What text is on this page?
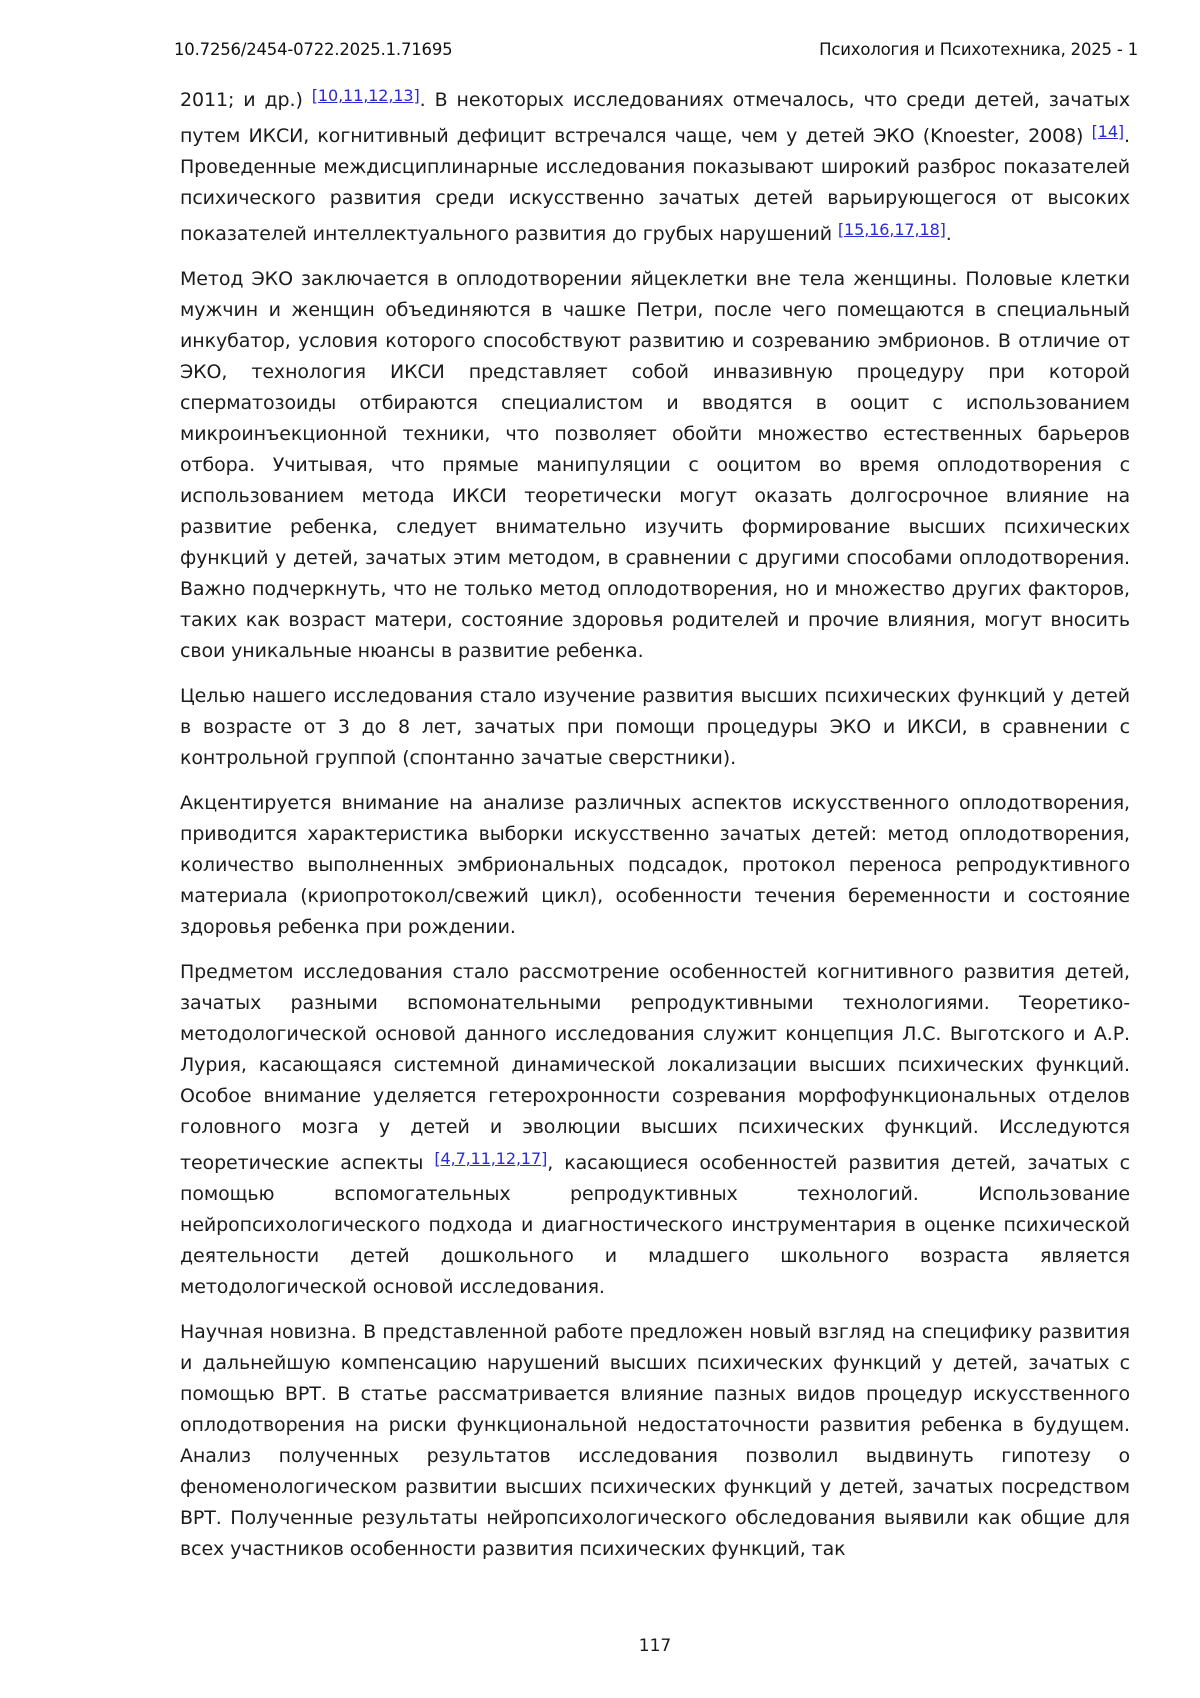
10.7256/2454-0722.2025.1.71695	Психология и Психотехника, 2025 - 1

2011; и др.) [10,11,12,13]. В некоторых исследованиях отмечалось, что среди детей, зачатых путем ИКСИ, когнитивный дефицит встречался чаще, чем у детей ЭКО (Knoester, 2008) [14]. Проведенные междисциплинарные исследования показывают широкий разброс показателей психического развития среди искусственно зачатых детей варьирующегося от высоких показателей интеллектуального развития до грубых нарушений [15,16,17,18].

Метод ЭКО заключается в оплодотворении яйцеклетки вне тела женщины. Половые клетки мужчин и женщин объединяются в чашке Петри, после чего помещаются в специальный инкубатор, условия которого способствуют развитию и созреванию эмбрионов. В отличие от ЭКО, технология ИКСИ представляет собой инвазивную процедуру при которой сперматозоиды отбираются специалистом и вводятся в ооцит с использованием микроинъекционной техники, что позволяет обойти множество естественных барьеров отбора. Учитывая, что прямые манипуляции с ооцитом во время оплодотворения с использованием метода ИКСИ теоретически могут оказать долгосрочное влияние на развитие ребенка, следует внимательно изучить формирование высших психических функций у детей, зачатых этим методом, в сравнении с другими способами оплодотворения. Важно подчеркнуть, что не только метод оплодотворения, но и множество других факторов, таких как возраст матери, состояние здоровья родителей и прочие влияния, могут вносить свои уникальные нюансы в развитие ребенка.

Целью нашего исследования стало изучение развития высших психических функций у детей в возрасте от 3 до 8 лет, зачатых при помощи процедуры ЭКО и ИКСИ, в сравнении с контрольной группой (спонтанно зачатые сверстники).

Акцентируется внимание на анализе различных аспектов искусственного оплодотворения, приводится характеристика выборки искусственно зачатых детей: метод оплодотворения, количество выполненных эмбриональных подсадок, протокол переноса репродуктивного материала (криопротокол/свежий цикл), особенности течения беременности и состояние здоровья ребенка при рождении.

Предметом исследования стало рассмотрение особенностей когнитивного развития детей, зачатых разными вспомонательными репродуктивными технологиями. Теоретико-методологической основой данного исследования служит концепция Л.С. Выготского и А.Р. Лурия, касающаяся системной динамической локализации высших психических функций. Особое внимание уделяется гетерохронности созревания морфофункциональных отделов головного мозга у детей и эволюции высших психических функций. Исследуются теоретические аспекты [4,7,11,12,17], касающиеся особенностей развития детей, зачатых с помощью вспомогательных репродуктивных технологий. Использование нейропсихологического подхода и диагностического инструментария в оценке психической деятельности детей дошкольного и младшего школьного возраста является методологической основой исследования.

Научная новизна. В представленной работе предложен новый взгляд на специфику развития и дальнейшую компенсацию нарушений высших психических функций у детей, зачатых с помощью ВРТ. В статье рассматривается влияние пазных видов процедур искусственного оплодотворения на риски функциональной недостаточности развития ребенка в будущем. Анализ полученных результатов исследования позволил выдвинуть гипотезу о феноменологическом развитии высших психических функций у детей, зачатых посредством ВРТ. Полученные результаты нейропсихологического обследования выявили как общие для всех участников особенности развития психических функций, так

117
